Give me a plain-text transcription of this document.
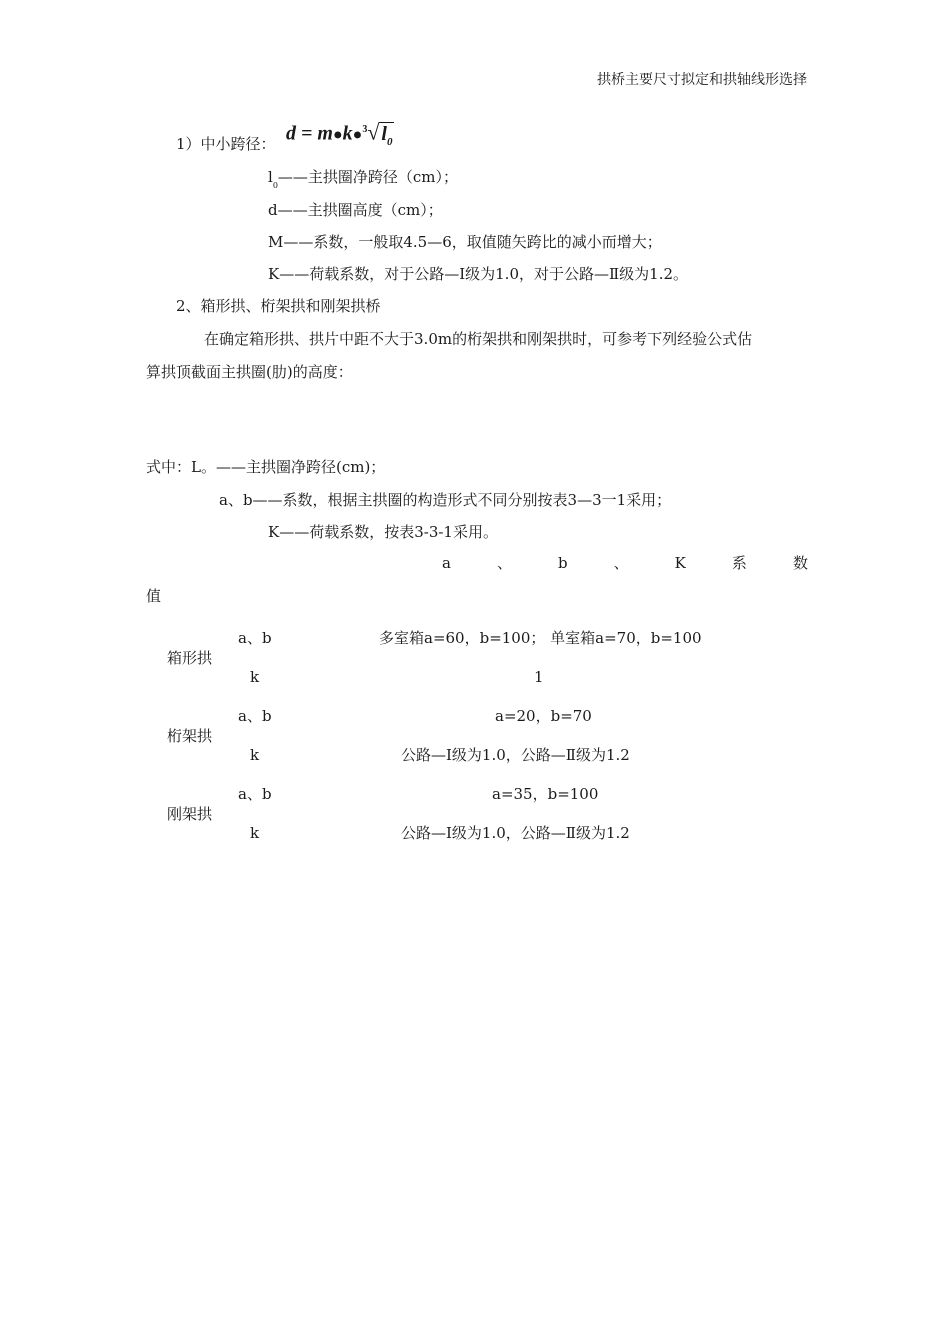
拱桥主要尺寸拟定和拱轴线形选择
1）中小跨径： d = m●k●$^3$√ $l_0$
$l_0——$主拱圈净跨径（cm）；
d——主拱圈高度（cm）；
M——系数，一般取4.5—6，取值随矢跨比的减小而增大；
K——荷载系数，对于公路—Ⅰ级为1.0，对于公路—Ⅱ级为1.2。
2、箱形拱、桁架拱和刚架拱桥
在确定箱形拱、拱片中距不大于3.0m的桁架拱和刚架拱时，可参考下列经验公式估
算拱顶截面主拱圈(肋)的高度：
式中：L。——主拱圈净跨径(cm)；
a、b——系数，根据主拱圈的构造形式不同分别按表3—3一1采用；
K——荷载系数，按表3-3-1采用。
a	、	b	、	K	系	数
值
箱形拱
a、b	多室箱a=60，b=100； 单室箱a=70，b=100
k	1
桁架拱
a、b	a=20，b=70
k	公路—Ⅰ级为1.0，公路—Ⅱ级为1.2
刚架拱
a、b	a=35，b=100
k	公路—Ⅰ级为1.0，公路—Ⅱ级为1.2
